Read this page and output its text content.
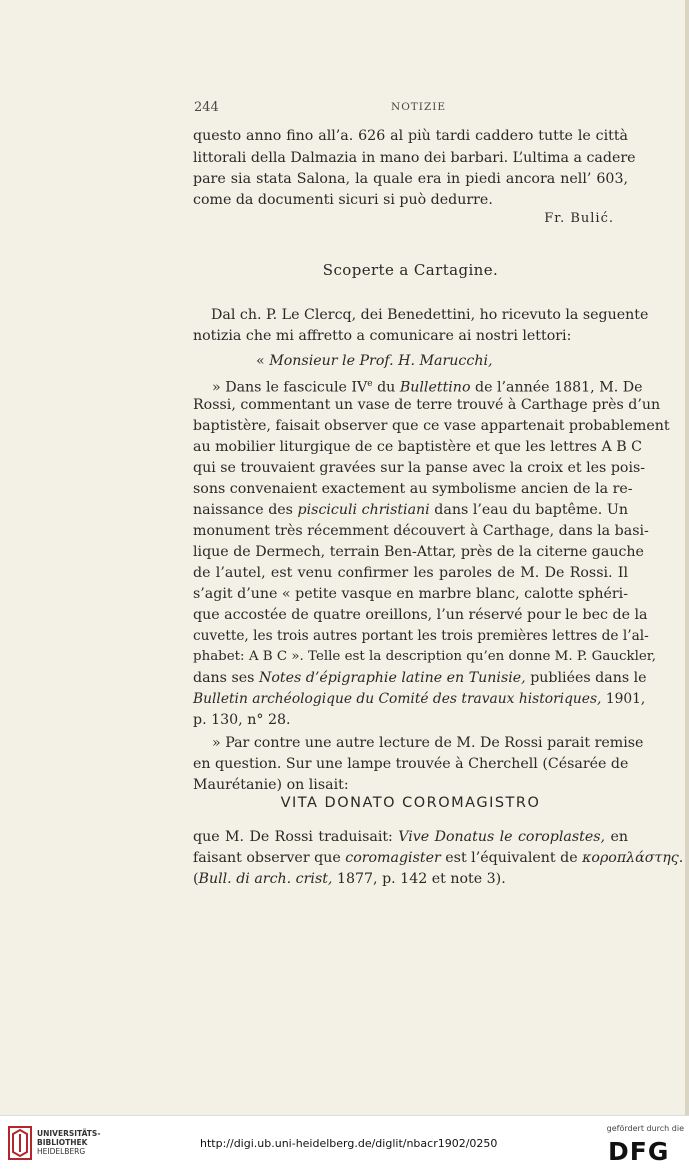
244	NOTIZIE
questo anno fino all’a. 626 al più tardi caddero tutte le città
littorali della Dalmazia in mano dei barbari. L’ultima a cadere
pare sia stata Salona, la quale era in piedi ancora nell’ 603,
come da documenti sicuri si può dedurre.
Fr. Bulić.
Scoperte a Cartagine.
Dal ch. P. Le Clercq, dei Benedettini, ho ricevuto la seguente
notizia che mi affretto a comunicare ai nostri lettori:
« Monsieur le Prof. H. Marucchi,
» Dans le fascicule IVe du Bullettino de l’année 1881, M. De
Rossi, commentant un vase de terre trouvé à Carthage près d’un
baptistère, faisait observer que ce vase appartenait probablement
au mobilier liturgique de ce baptistère et que les lettres A B C
qui se trouvaient gravées sur la panse avec la croix et les pois-
sons convenaient exactement au symbolisme ancien de la re-
naissance des pisciculi christiani dans l’eau du baptême. Un
monument très récemment découvert à Carthage, dans la basi-
lique de Dermech, terrain Ben-Attar, près de la citerne gauche
de l’autel, est venu confirmer les paroles de M. De Rossi. Il
s’agit d’une « petite vasque en marbre blanc, calotte sphéri-
que accostée de quatre oreillons, l’un réservé pour le bec de la
cuvette, les trois autres portant les trois premières lettres de l’al-
phabet: A B C ». Telle est la description qu’en donne M. P. Gauckler,
dans ses Notes d’épigraphie latine en Tunisie, publiées dans le
Bulletin archéologique du Comité des travaux historiques, 1901,
p. 130, n° 28.
» Par contre une autre lecture de M. De Rossi parait remise
en question. Sur une lampe trouvée à Cherchell (Césarée de
Maurétanie) on lisait:
VITA DONATO COROMAGISTRO
que M. De Rossi traduisait: Vive Donatus le coroplastes, en
faisant observer que coromagister est l’équivalent de κοροπλάστης.
(Bull. di arch. crist, 1877, p. 142 et note 3).
UNIVERSITÄTS-
BIBLIOTHEK
HEIDELBERG
http://digi.ub.uni-heidelberg.de/diglit/nbacr1902/0250
gefördert durch die
DFG
